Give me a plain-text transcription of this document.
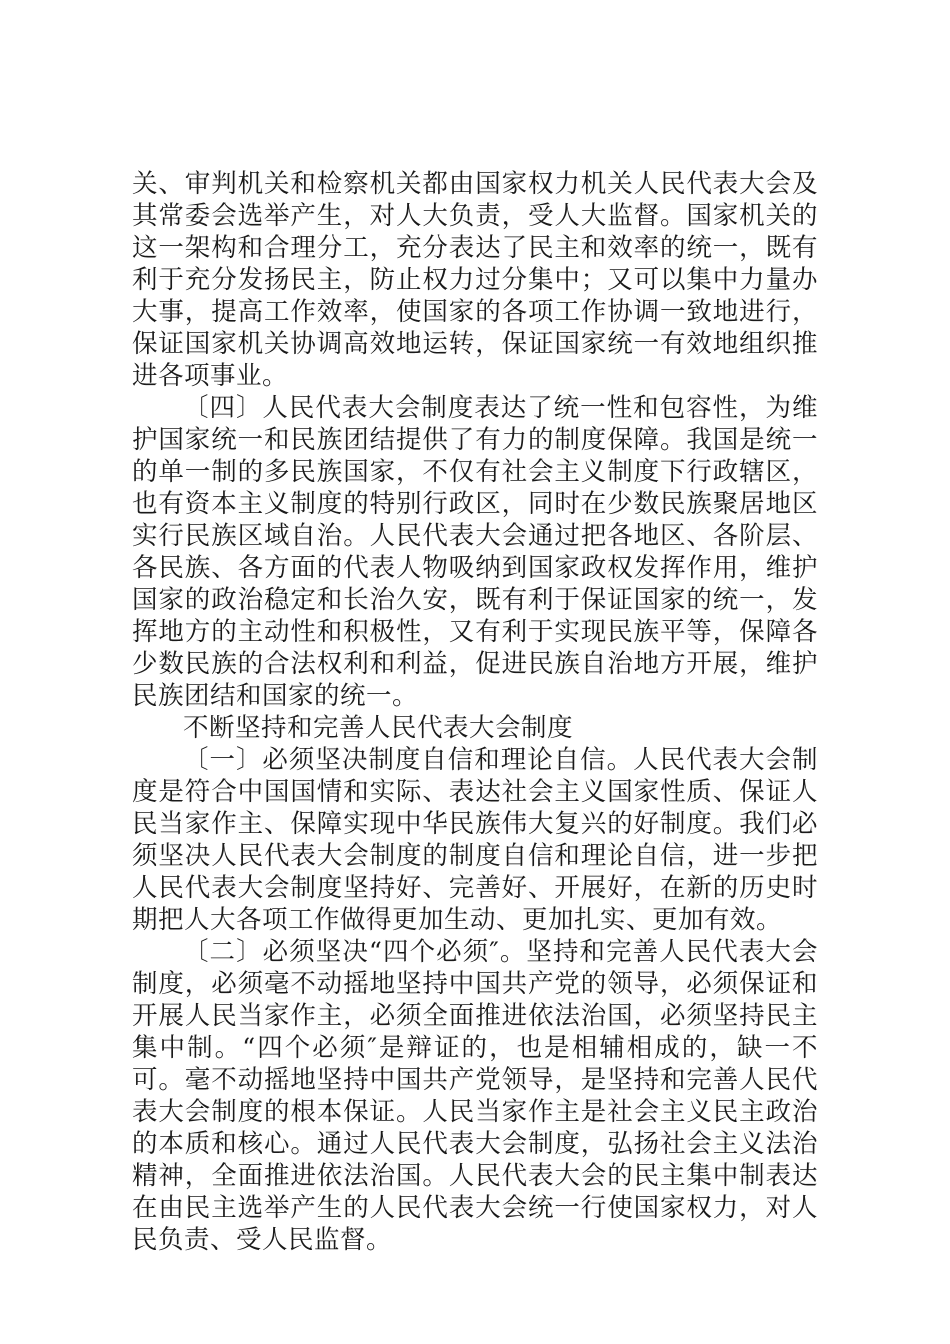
关、审判机关和检察机关都由国家权力机关人民代表大会及其常委会选举产生，对人大负责，受人大监督。国家机关的这一架构和合理分工，充分表达了民主和效率的统一，既有利于充分发扬民主，防止权力过分集中；又可以集中力量办大事，提高工作效率，使国家的各项工作协调一致地进行，保证国家机关协调高效地运转，保证国家统一有效地组织推进各项事业。

〔四〕人民代表大会制度表达了统一性和包容性，为维护国家统一和民族团结提供了有力的制度保障。我国是统一的单一制的多民族国家，不仅有社会主义制度下行政辖区，也有资本主义制度的特别行政区，同时在少数民族聚居地区实行民族区域自治。人民代表大会通过把各地区、各阶层、各民族、各方面的代表人物吸纳到国家政权发挥作用，维护国家的政治稳定和长治久安，既有利于保证国家的统一，发挥地方的主动性和积极性，又有利于实现民族平等，保障各少数民族的合法权利和利益，促进民族自治地方开展，维护民族团结和国家的统一。

不断坚持和完善人民代表大会制度

〔一〕必须坚决制度自信和理论自信。人民代表大会制度是符合中国国情和实际、表达社会主义国家性质、保证人民当家作主、保障实现中华民族伟大复兴的好制度。我们必须坚决人民代表大会制度的制度自信和理论自信，进一步把人民代表大会制度坚持好、完善好、开展好，在新的历史时期把人大各项工作做得更加生动、更加扎实、更加有效。

〔二〕必须坚决“四个必须″。坚持和完善人民代表大会制度，必须毫不动摇地坚持中国共产党的领导，必须保证和开展人民当家作主，必须全面推进依法治国，必须坚持民主集中制。“四个必须″是辩证的，也是相辅相成的，缺一不可。毫不动摇地坚持中国共产党领导，是坚持和完善人民代表大会制度的根本保证。人民当家作主是社会主义民主政治的本质和核心。通过人民代表大会制度，弘扬社会主义法治精神，全面推进依法治国。人民代表大会的民主集中制表达在由民主选举产生的人民代表大会统一行使国家权力，对人民负责、受人民监督。
